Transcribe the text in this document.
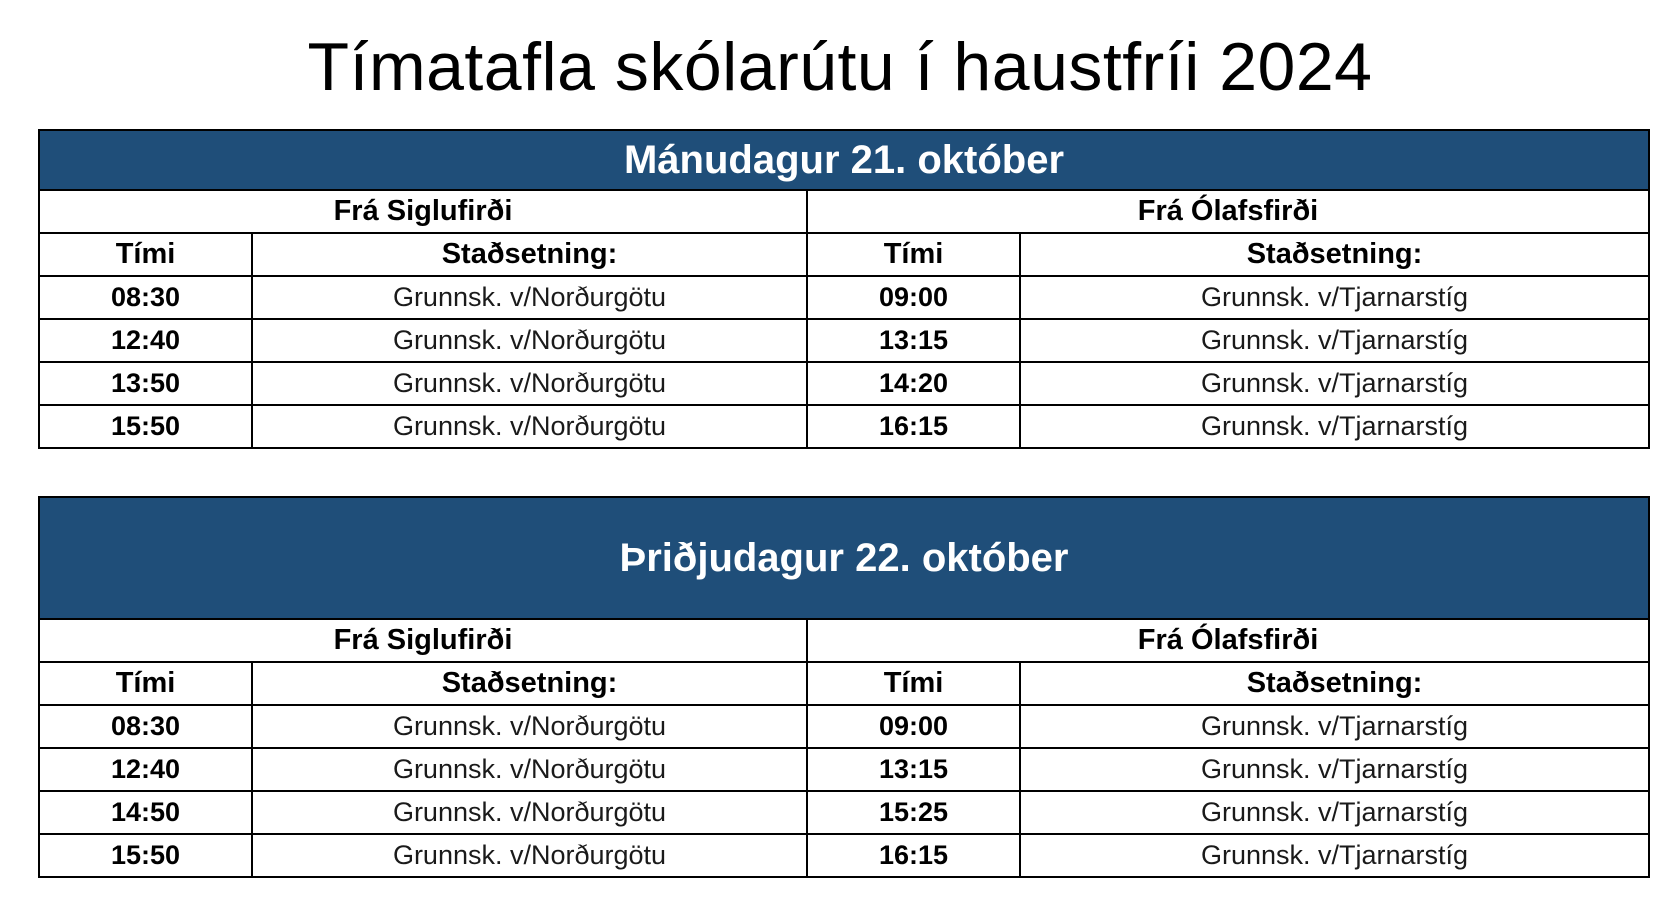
Tímatafla skólarútu í haustfríi 2024
Mánudagur 21. október			
Frá Siglufirði		Frá Ólafsfirði	
Tími	Staðsetning:	Tími	Staðsetning:
08:30	Grunnsk. v/Norðurgötu	09:00	Grunnsk. v/Tjarnarstíg
12:40	Grunnsk. v/Norðurgötu	13:15	Grunnsk. v/Tjarnarstíg
13:50	Grunnsk. v/Norðurgötu	14:20	Grunnsk. v/Tjarnarstíg
15:50	Grunnsk. v/Norðurgötu	16:15	Grunnsk. v/Tjarnarstíg
Þriðjudagur 22. október			
Frá Siglufirði		Frá Ólafsfirði	
Tími	Staðsetning:	Tími	Staðsetning:
08:30	Grunnsk. v/Norðurgötu	09:00	Grunnsk. v/Tjarnarstíg
12:40	Grunnsk. v/Norðurgötu	13:15	Grunnsk. v/Tjarnarstíg
14:50	Grunnsk. v/Norðurgötu	15:25	Grunnsk. v/Tjarnarstíg
15:50	Grunnsk. v/Norðurgötu	16:15	Grunnsk. v/Tjarnarstíg
